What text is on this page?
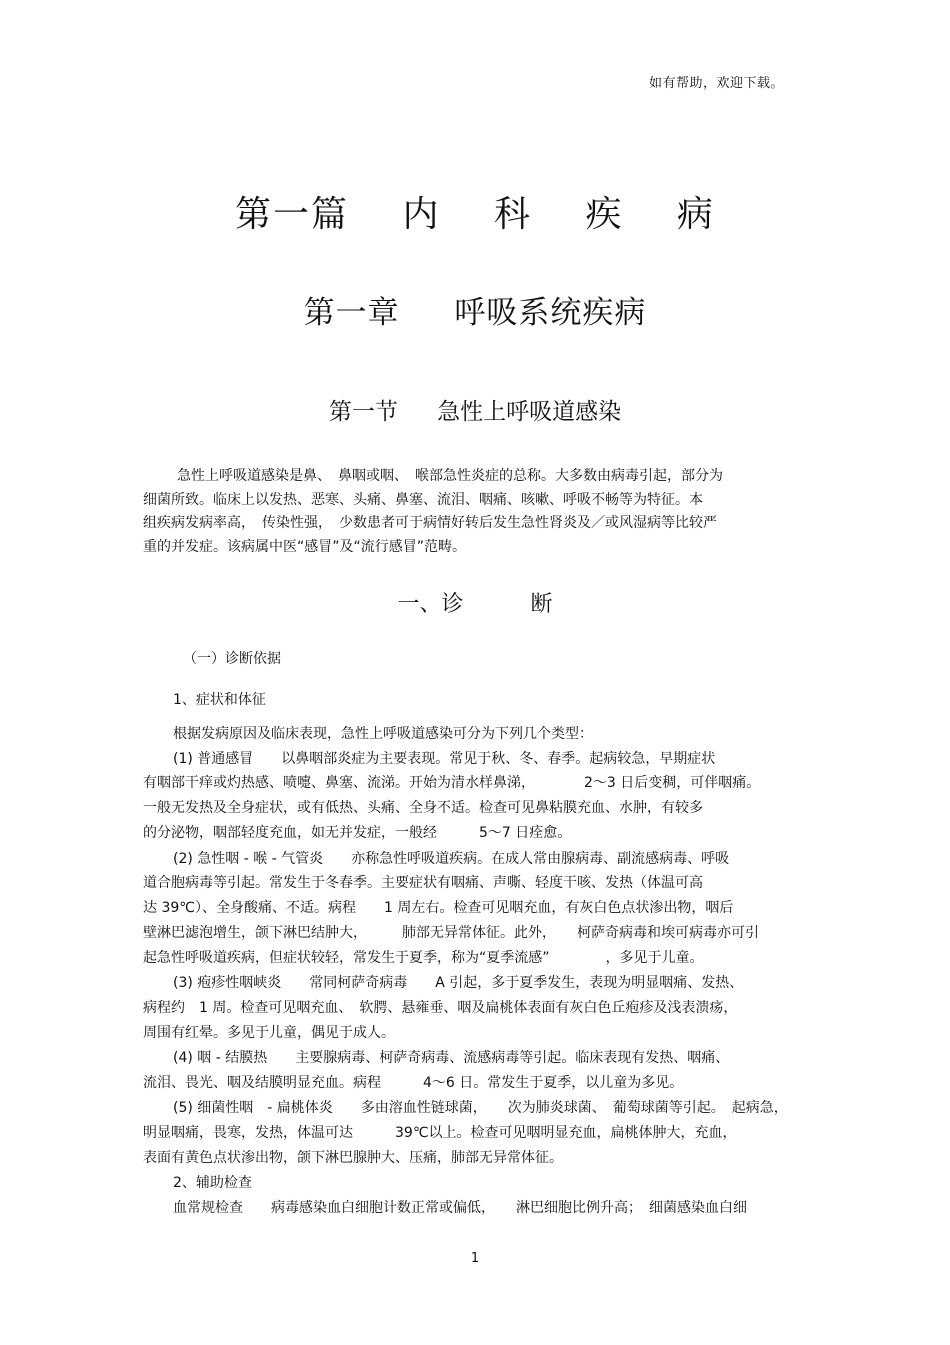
如有帮助，欢迎下载。
第一篇 内 科 疾 病
第一章 呼吸系统疾病
第一节 急性上呼吸道感染

急性上呼吸道感染是鼻、　鼻咽或咽、　喉部急性炎症的总称。大多数由病毒引起，部分为

细菌所致。临床上以发热、恶寒、头痛、鼻塞、流泪、咽痛、咳嗽、呼吸不畅等为特征。本

组疾病发病率高，　传染性强，　少数患者可于病情好转后发生急性肾炎及／或风湿病等比较严

重的并发症。该病属中医“感冒”及“流行感冒”范畴。

一、诊	断
（一）诊断依据
1、症状和体征
根据发病原因及临床表现，急性上呼吸道感染可分为下列几个类型：
(1) 普通感冒　　以鼻咽部炎症为主要表现。常见于秋、冬、春季。起病较急，早期症状
有咽部干痒或灼热感、喷嚏、鼻塞、流涕。开始为清水样鼻涕，　　　　2～3 日后变稠，可伴咽痛。
一般无发热及全身症状，或有低热、头痛、全身不适。检查可见鼻粘膜充血、水肿，有较多
的分泌物，咽部轻度充血，如无并发症，一般经　　　5～7 日痊愈。
(2) 急性咽 - 喉 - 气管炎　　亦称急性呼吸道疾病。在成人常由腺病毒、副流感病毒、呼吸
道合胞病毒等引起。常发生于冬春季。主要症状有咽痛、声嘶、轻度干咳、发热（体温可高
达 39℃）、全身酸痛、不适。病程　　1 周左右。检查可见咽充血，有灰白色点状渗出物，咽后
壁淋巴滤泡增生，颌下淋巴结肿大，　　　肺部无异常体征。此外，　　柯萨奇病毒和埃可病毒亦可引
起急性呼吸道疾病，但症状较轻，常发生于夏季，称为“夏季流感”　　　　，多见于儿童。
(3) 疱疹性咽峡炎　　常同柯萨奇病毒　　A 引起，多于夏季发生，表现为明显咽痛、发热、
病程约　1 周。检查可见咽充血、　软腭、悬雍垂、咽及扁桃体表面有灰白色丘疱疹及浅表溃疡，
周围有红晕。多见于儿童，偶见于成人。
(4) 咽 - 结膜热　　主要腺病毒、柯萨奇病毒、流感病毒等引起。临床表现有发热、咽痛、
流泪、畏光、咽及结膜明显充血。病程　　　4～6 日。常发生于夏季，以儿童为多见。
(5) 细菌性咽　- 扁桃体炎　　多由溶血性链球菌，　　次为肺炎球菌、　葡萄球菌等引起。　起病急，
明显咽痛，畏寒，发热，体温可达　　　39℃以上。检查可见咽明显充血，扁桃体肿大，充血，
表面有黄色点状渗出物，颌下淋巴腺肿大、压痛，肺部无异常体征。
2、辅助检查
血常规检查　　病毒感染血白细胞计数正常或偏低，　　淋巴细胞比例升高；　细菌感染血白细
1
